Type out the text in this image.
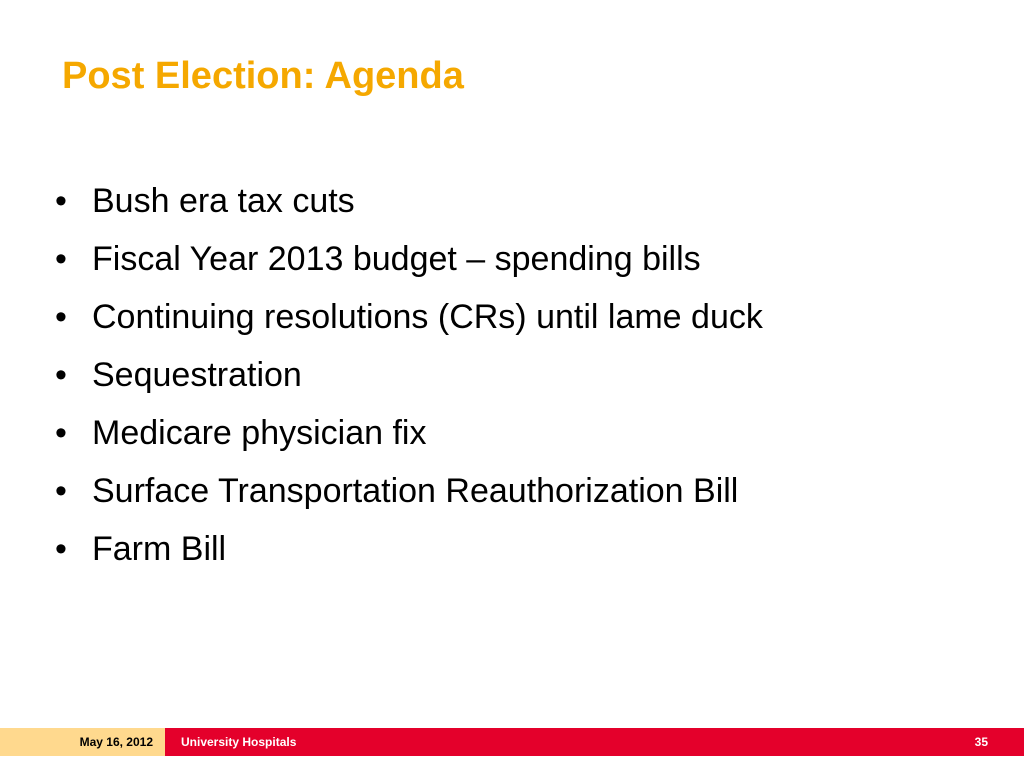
Post Election: Agenda
• Bush era tax cuts
• Fiscal Year 2013 budget – spending bills
• Continuing resolutions (CRs) until lame duck
• Sequestration
• Medicare physician fix
• Surface Transportation Reauthorization Bill
• Farm Bill
May 16, 2012 University Hospitals	35
